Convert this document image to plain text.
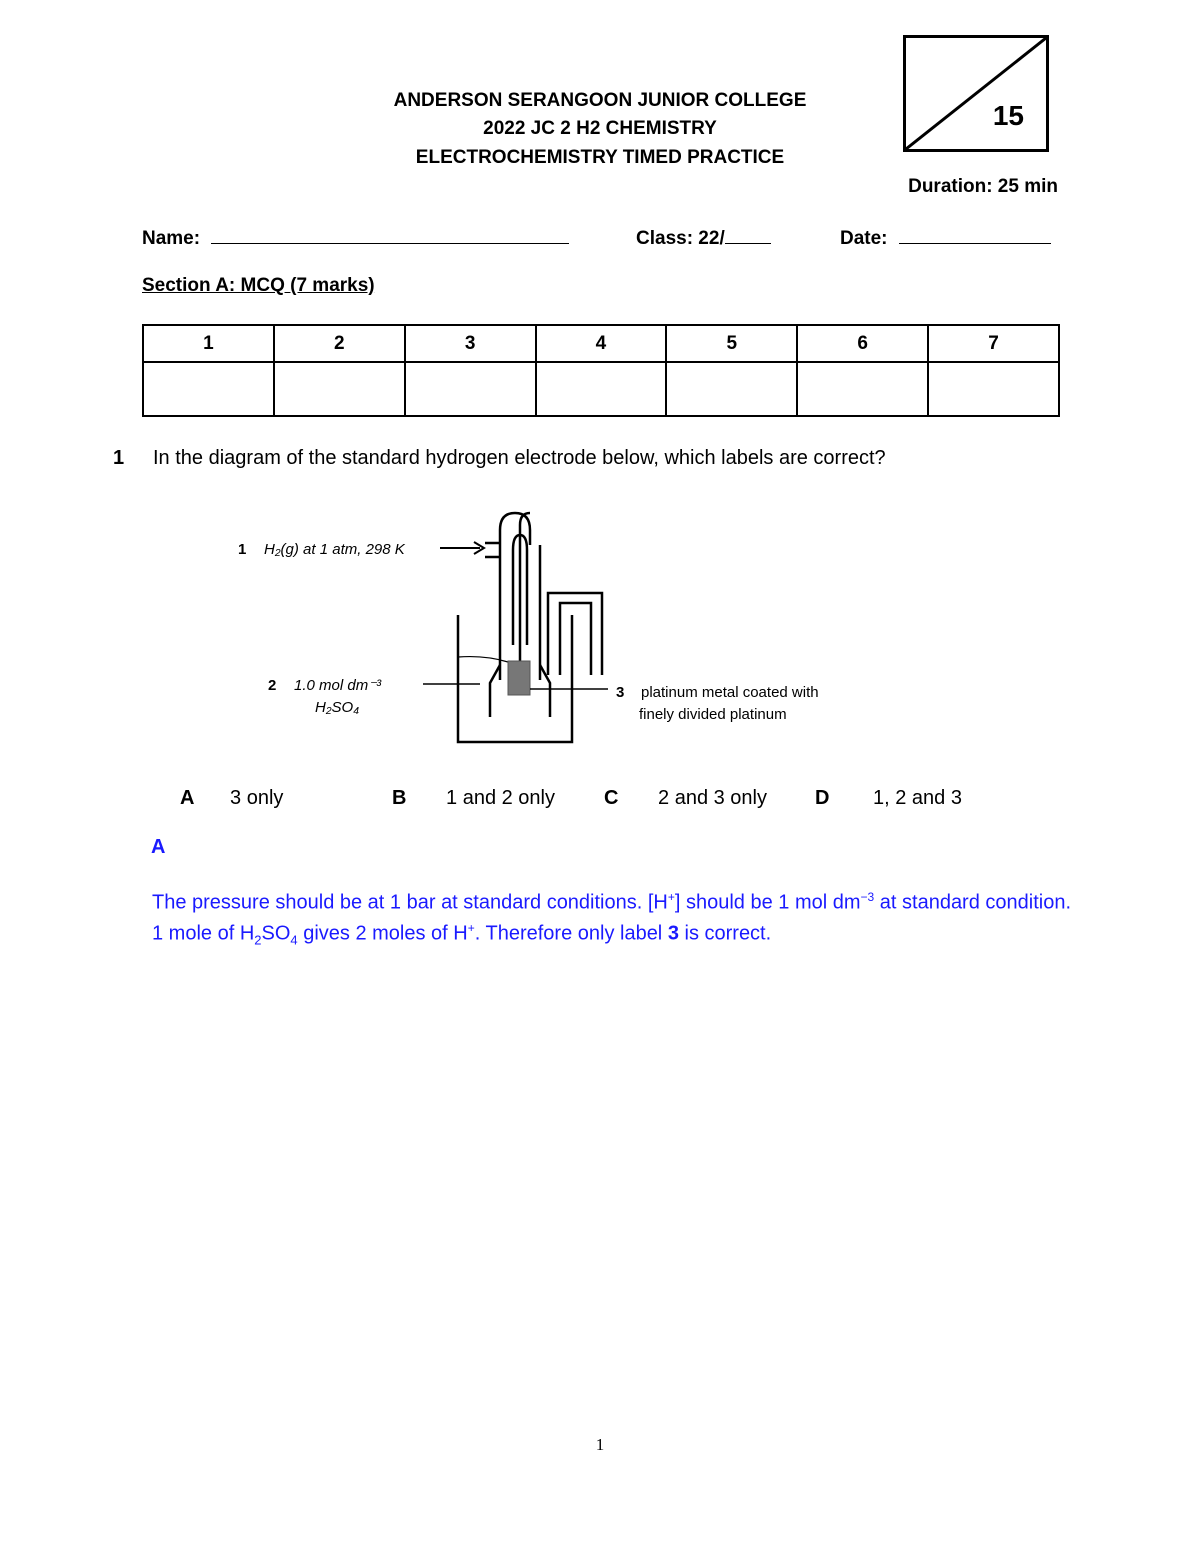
ANDERSON SERANGOON JUNIOR COLLEGE
2022 JC 2 H2 CHEMISTRY
ELECTROCHEMISTRY TIMED PRACTICE
15
Duration: 25 min
Name:	Class: 22/	Date:
Section A: MCQ (7 marks)
1	2	3	4	5	6	7

1 In the diagram of the standard hydrogen electrode below, which labels are correct?
1 H₂(g) at 1 atm, 298 K
2 1.0 mol dm⁻³
H₂SO₄
3 platinum metal coated with
finely divided platinum
A 3 only	B 1 and 2 only C 2 and 3 only D 1, 2 and 3
A
The pressure should be at 1 bar at standard conditions. [H+] should be 1 mol $dm^{-3}$ at standard condition. 1 mole of $H_2SO_4$ gives 2 moles of H+. Therefore only label 3 is correct.
1
